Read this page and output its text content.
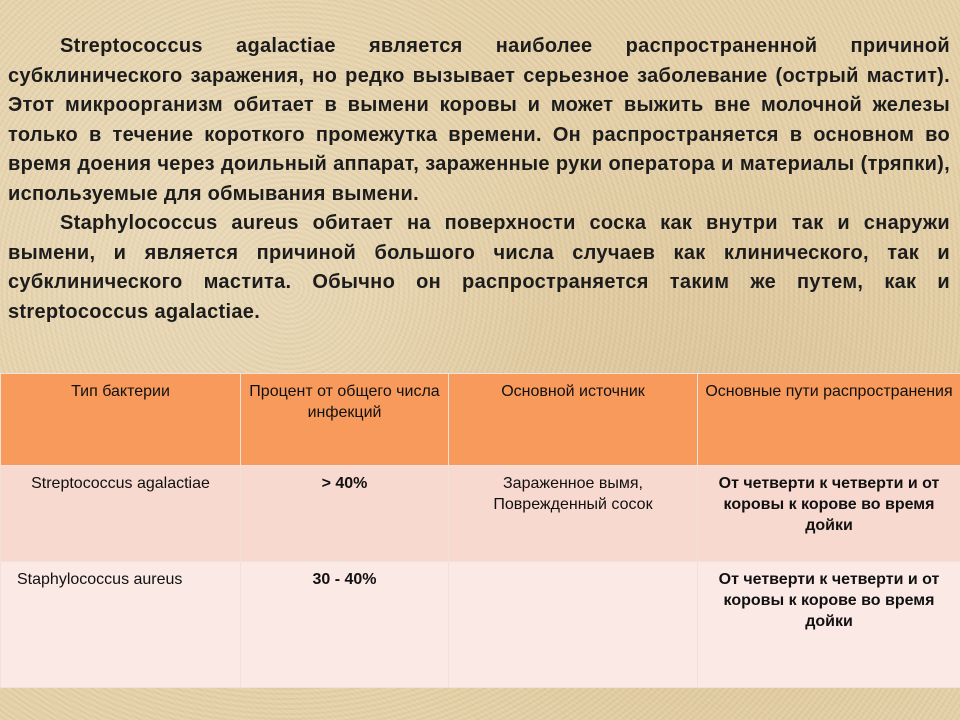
Streptococcus agalactiae является наиболее распространенной причиной субклинического заражения, но редко вызывает серьезное заболевание (острый мастит). Этот микроорганизм обитает в вымени коровы и может выжить вне молочной железы только в течение короткого промежутка времени. Он распространяется в основном во время доения через доильный аппарат, зараженные руки оператора и материалы (тряпки), используемые для обмывания вымени.

Staphylococcus aureus обитает на поверхности соска как внутри так и снаружи вымени, и является причиной большого числа случаев как клинического, так и субклинического мастита. Обычно он распространяется таким же путем, как и streptococcus agalactiae.

Тип бактерии	Процент от общего числа инфекций	Основной источник	Основные пути распространения
Streptococcus agalactiae	> 40%	Зараженное вымя, Поврежденный сосок	От четверти к четверти и от коровы к корове во время дойки
Staphylococcus aureus	30 - 40%		От четверти к четверти и от коровы к корове во время дойки
